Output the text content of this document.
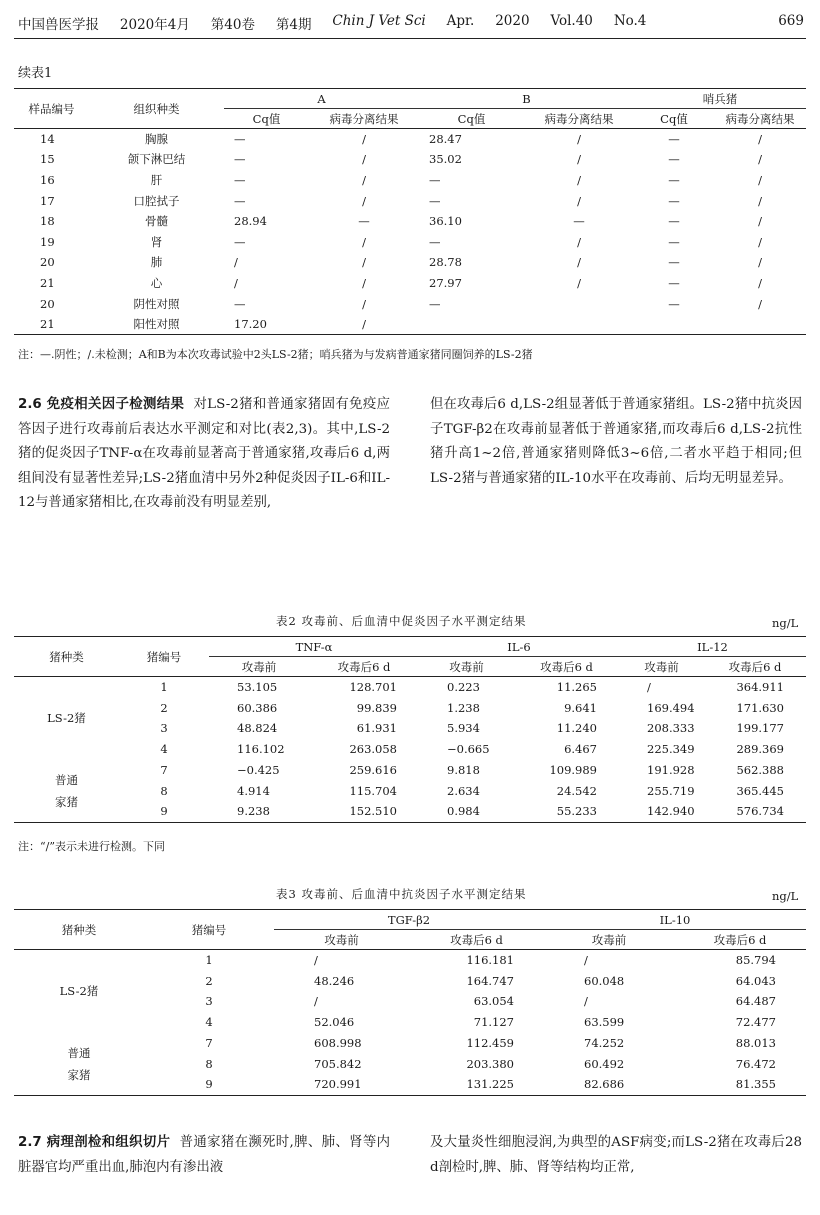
中国兽医学报 2020年4月 第40卷 第4期 Chin J Vet Sci Apr. 2020 Vol.40 No.4	669
续表1
样品编号	组织种类	A		B		哨兵猪	
		Cq值	病毒分离结果	Cq值	病毒分离结果	Cq值	病毒分离结果
14	胸腺	—	/	28.47	/	—	/
15	颌下淋巴结	—	/	35.02	/	—	/
16	肝	—	/	—	/	—	/
17	口腔拭子	—	/	—	/	—	/
18	骨髓	28.94	—	36.10	—	—	/
19	肾	—	/	—	/	—	/
20	肺	/	/	28.78	/	—	/
21	心	/	/	27.97	/	—	/
20	阴性对照	—	/	—		—	/
21	阳性对照	17.20	/				
注：—.阴性；/.未检测；A和B为本次攻毒试验中2头LS-2猪；哨兵猪为与发病普通家猪同圈饲养的LS-2猪
2.6 免疫相关因子检测结果 对LS-2猪和普通家猪固有免疫应答因子进行攻毒前后表达水平测定和对比(表2,3)。其中,LS-2猪的促炎因子TNF-α在攻毒前显著高于普通家猪,攻毒后6 d,两组间没有显著性差异;LS-2猪血清中另外2种促炎因子IL-6和IL-12与普通家猪相比,在攻毒前没有明显差别,
但在攻毒后6 d,LS-2组显著低于普通家猪组。LS-2猪中抗炎因子TGF-β2在攻毒前显著低于普通家猪,而攻毒后6 d,LS-2抗性猪升高1~2倍,普通家猪则降低3~6倍,二者水平趋于相同;但LS-2猪与普通家猪的IL-10水平在攻毒前、后均无明显差异。
表2 攻毒前、后血清中促炎因子水平测定结果	ng/L
猪种类	猪编号	TNF-α		IL-6		IL-12	
		攻毒前	攻毒后6 d	攻毒前	攻毒后6 d	攻毒前	攻毒后6 d
LS-2猪	1	53.105	128.701	0.223	11.265	/	364.911
	2	60.386	99.839	1.238	9.641	169.494	171.630
	3	48.824	61.931	5.934	11.240	208.333	199.177
	4	116.102	263.058	−0.665	6.467	225.349	289.369

普通
家猪	7	−0.425	259.616	9.818	109.989	191.928	562.388
	8	4.914	115.704	2.634	24.542	255.719	365.445
	9	9.238	152.510	0.984	55.233	142.940	576.734
注：“/”表示未进行检测。下同
表3 攻毒前、后血清中抗炎因子水平测定结果	ng/L
猪种类	猪编号	TGF-β2		IL-10	
		攻毒前	攻毒后6 d	攻毒前	攻毒后6 d
LS-2猪	1	/	116.181	/	85.794
	2	48.246	164.747	60.048	64.043
	3	/	63.054	/	64.487
	4	52.046	71.127	63.599	72.477

普通
家猪	7	608.998	112.459	74.252	88.013
	8	705.842	203.380	60.492	76.472
	9	720.991	131.225	82.686	81.355
2.7 病理剖检和组织切片 普通家猪在濒死时,脾、肺、肾等内脏器官均严重出血,肺泡内有渗出液
及大量炎性细胞浸润,为典型的ASF病变;而LS-2猪在攻毒后28 d剖检时,脾、肺、肾等结构均正常,
